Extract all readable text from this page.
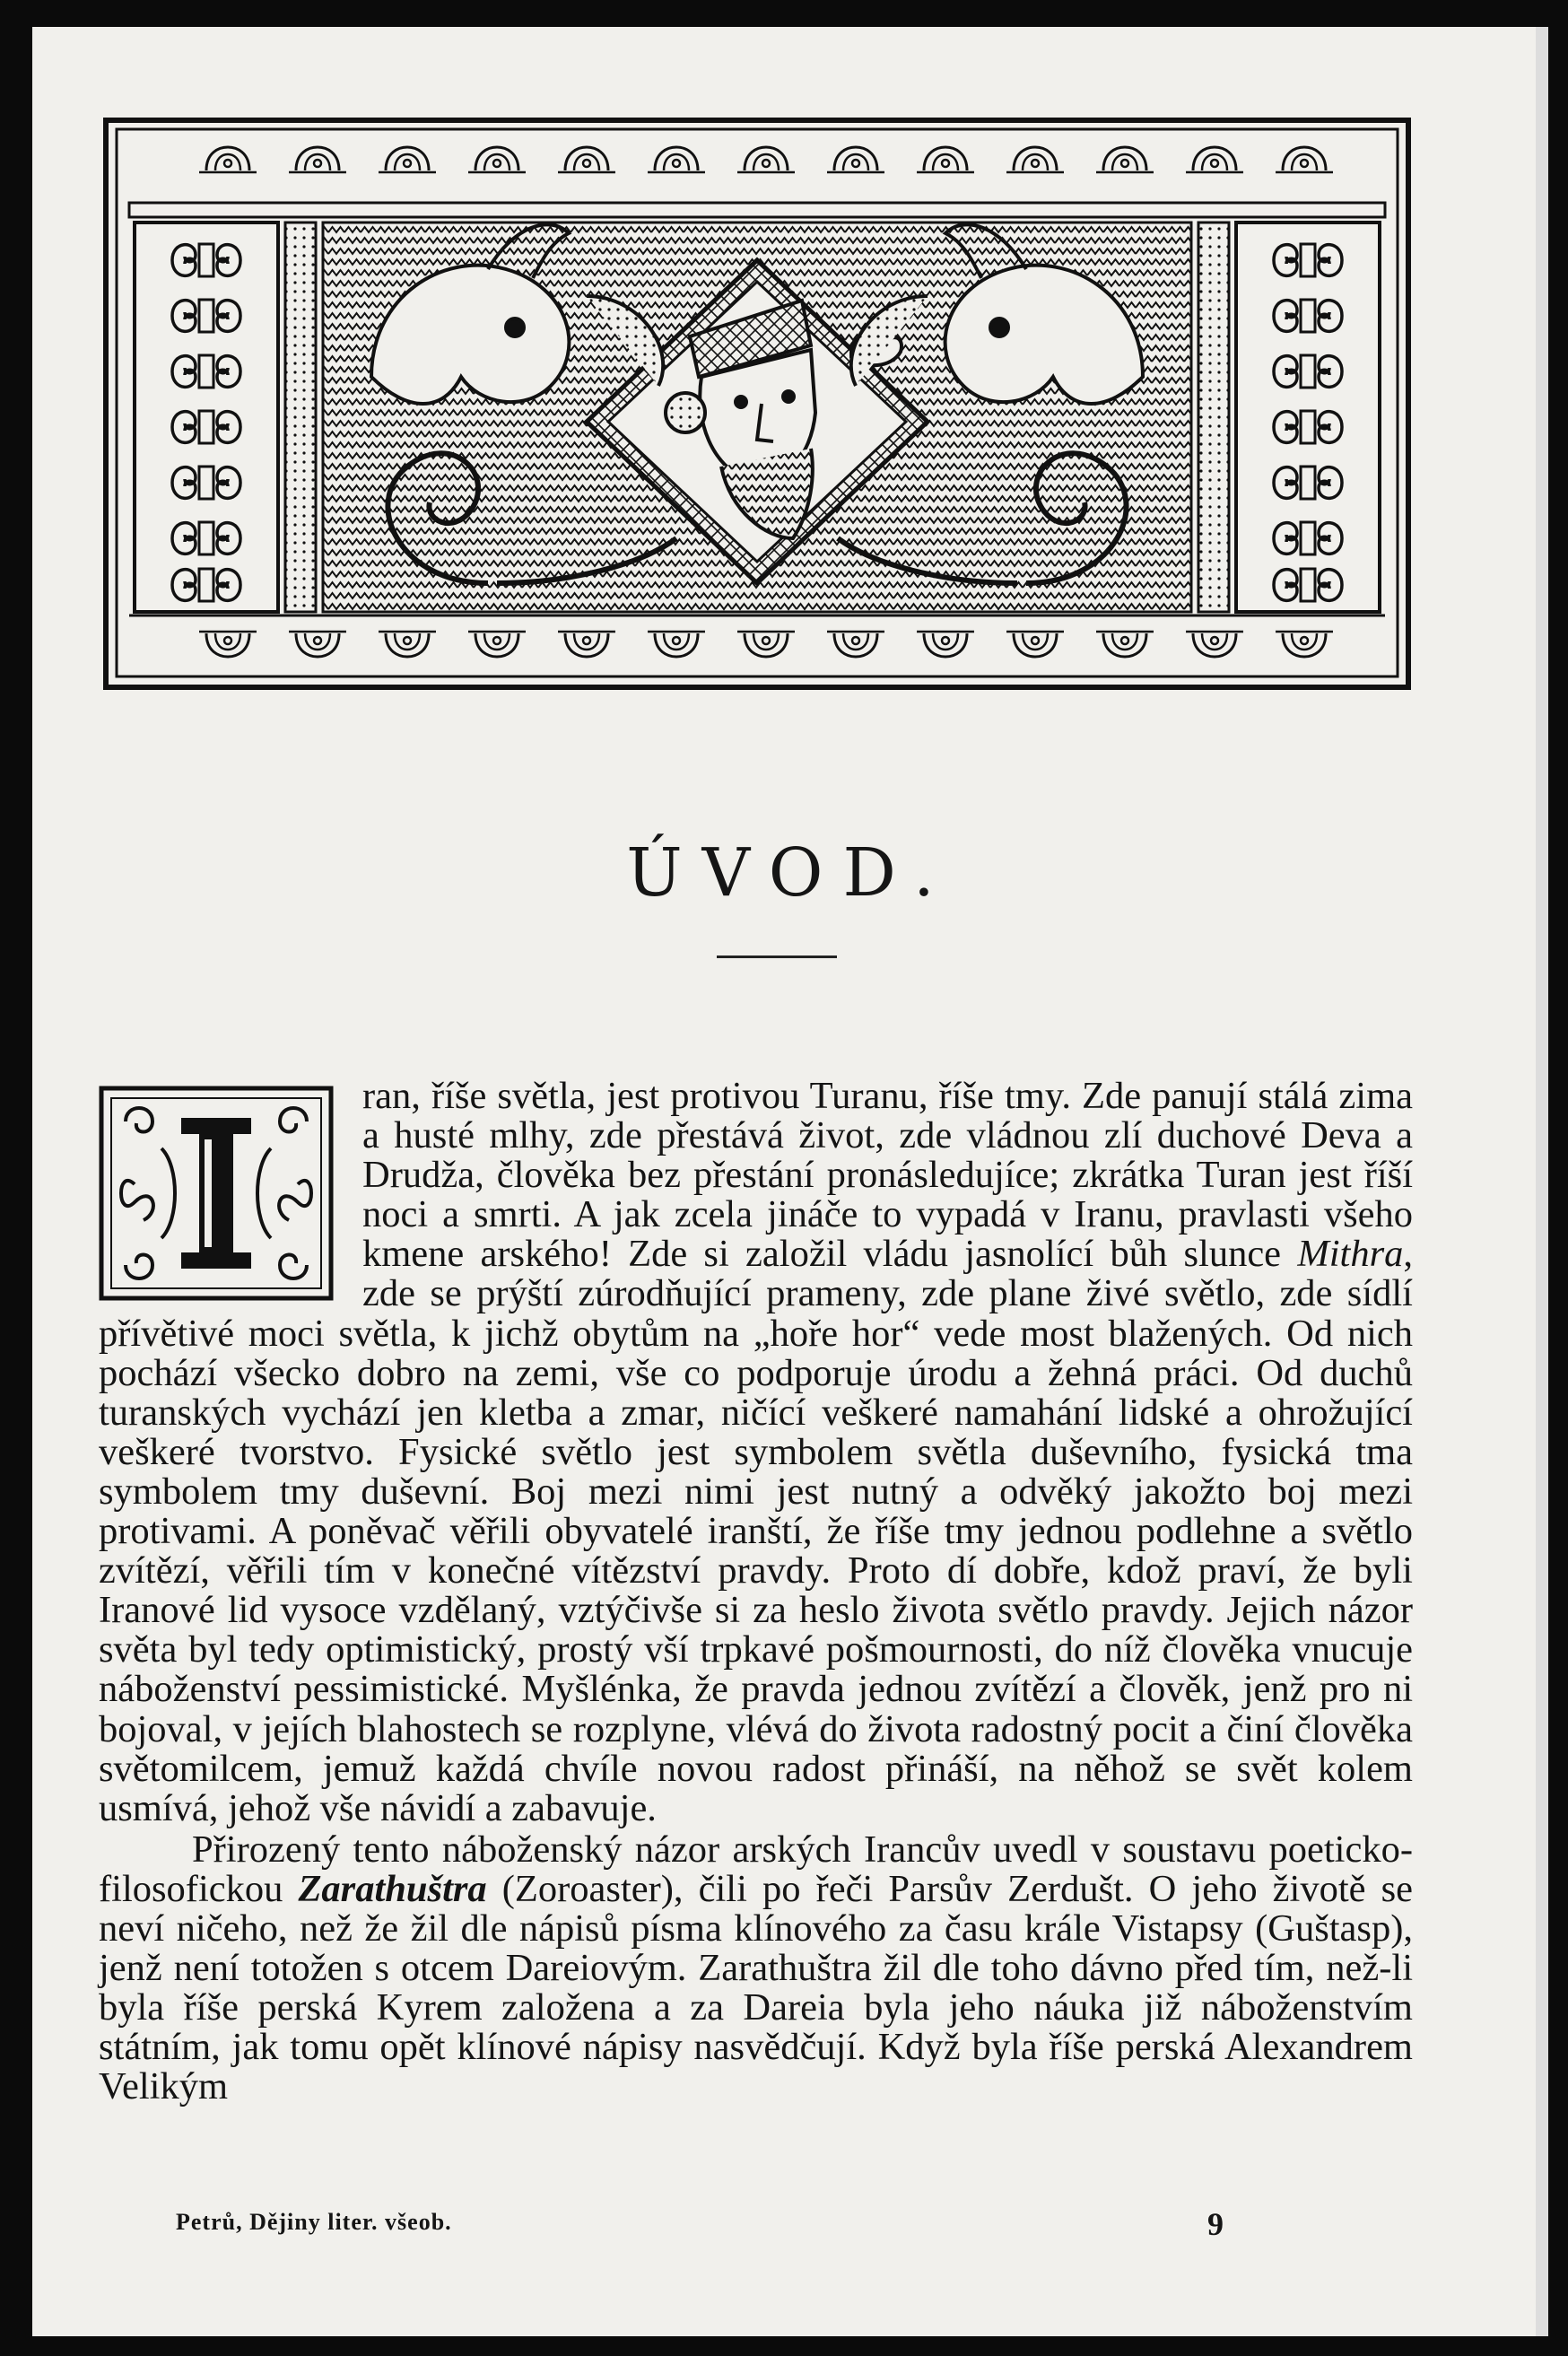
ÚVOD.
I

ran, říše světla, jest protivou Turanu, říše tmy. Zde panují stálá zima a husté mlhy, zde přestává život, zde vládnou zlí duchové Deva a Drudža, člověka bez přestání pronásledujíce; zkrátka Turan jest říší noci a smrti. A jak zcela jináče to vypadá v Iranu, pravlasti všeho kmene arského! Zde si založil vládu jasnolící bůh slunce Mithra, zde se prýští zúrodňující prameny, zde plane živé světlo, zde sídlí přívětivé moci světla, k jichž obytům na „hoře hor“ vede most blažených. Od nich pochází všecko dobro na zemi, vše co podporuje úrodu a žehná práci. Od duchů turanských vychází jen kletba a zmar, ničící veškeré namahání lidské a ohrožující veškeré tvorstvo. Fysické světlo jest symbolem světla duševního, fysická tma symbolem tmy duševní. Boj mezi nimi jest nutný a odvěký jakožto boj mezi protivami. A poněvač věřili obyvatelé iranští, že říše tmy jednou podlehne a světlo zvítězí, věřili tím v konečné vítězství pravdy. Proto dí dobře, kdož praví, že byli Iranové lid vysoce vzdělaný, vztýčivše si za heslo života světlo pravdy. Jejich názor světa byl tedy optimistický, prostý vší trpkavé pošmournosti, do níž člověka vnucuje náboženství pessimistické. Myšlénka, že pravda jednou zvítězí a člověk, jenž pro ni bojoval, v jejích blahostech se rozplyne, vlévá do života radostný pocit a činí člověka světomilcem, jemuž každá chvíle novou radost přináší, na něhož se svět kolem usmívá, jehož vše návidí a zabavuje.

Přirozený tento náboženský názor arských Irancův uvedl v soustavu poeticko-filosofickou Zarathuštra (Zoroaster), čili po řeči Parsův Zerdušt. O jeho životě se neví ničeho, než že žil dle nápisů písma klínového za času krále Vistapsy (Guštasp), jenž není totožen s otcem Dareiovým. Zarathuštra žil dle toho dávno před tím, než-li byla říše perská Kyrem založena a za Dareia byla jeho náuka již náboženstvím státním, jak tomu opět klínové nápisy nasvědčují. Když byla říše perská Alexandrem Velikým

Petrů, Dějiny liter. všeob.	9
